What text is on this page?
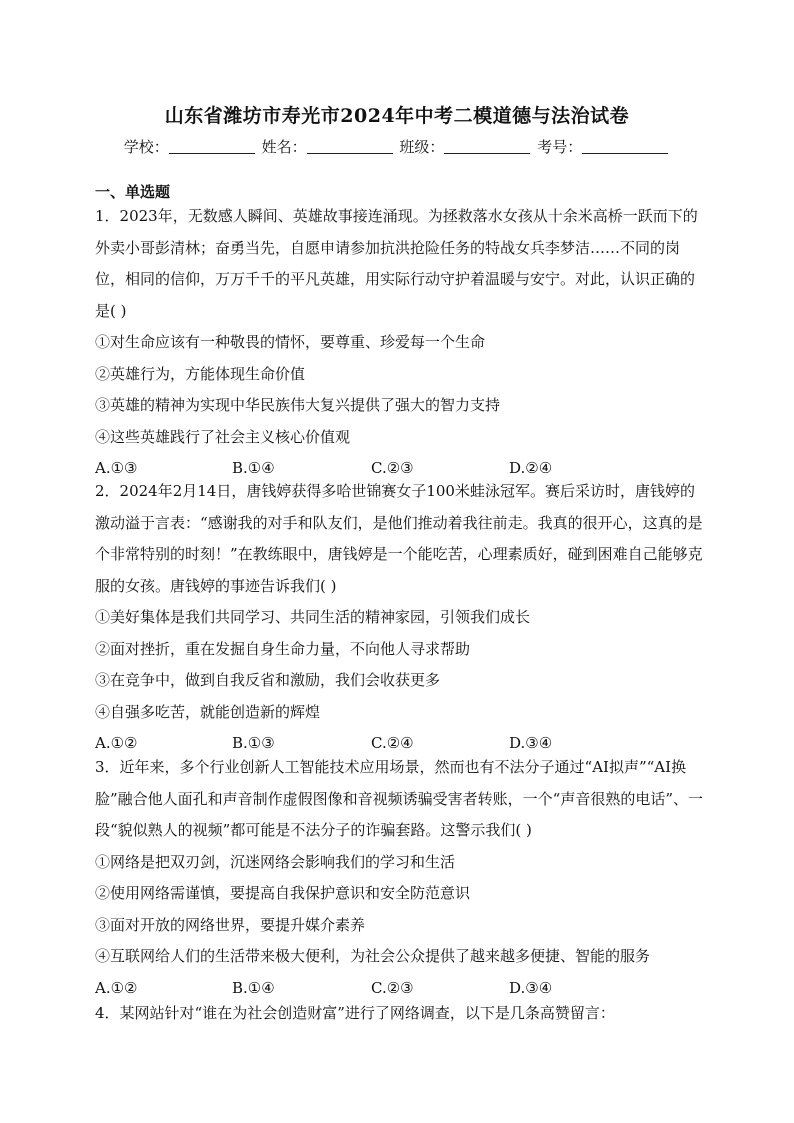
山东省潍坊市寿光市2024年中考二模道德与法治试卷
学校：	姓名：	班级：	考号：
一、单选题

1．2023年，无数感人瞬间、英雄故事接连涌现。为拯救落水女孩从十余米高桥一跃而下的外卖小哥彭清林；奋勇当先，自愿申请参加抗洪抢险任务的特战女兵李梦洁……不同的岗位，相同的信仰，万万千千的平凡英雄，用实际行动守护着温暖与安宁。对此，认识正确的是( )

①对生命应该有一种敬畏的情怀，要尊重、珍爱每一个生命

②英雄行为，方能体现生命价值

③英雄的精神为实现中华民族伟大复兴提供了强大的智力支持

④这些英雄践行了社会主义核心价值观

A.①③	B.①④	C.②③	D.②④

2．2024年2月14日，唐钱婷获得多哈世锦赛女子100米蛙泳冠军。赛后采访时，唐钱婷的激动溢于言表：“感谢我的对手和队友们，是他们推动着我往前走。我真的很开心，这真的是个非常特别的时刻！”在教练眼中，唐钱婷是一个能吃苦，心理素质好，碰到困难自己能够克服的女孩。唐钱婷的事迹告诉我们( )

①美好集体是我们共同学习、共同生活的精神家园，引领我们成长

②面对挫折，重在发掘自身生命力量，不向他人寻求帮助

③在竞争中，做到自我反省和激励，我们会收获更多

④自强多吃苦，就能创造新的辉煌

A.①②	B.①③	C.②④	D.③④

3．近年来，多个行业创新人工智能技术应用场景，然而也有不法分子通过“AI拟声”“AI换脸”融合他人面孔和声音制作虚假图像和音视频诱骗受害者转账，一个“声音很熟的电话”、一段“貌似熟人的视频”都可能是不法分子的诈骗套路。这警示我们( )

①网络是把双刃剑，沉迷网络会影响我们的学习和生活

②使用网络需谨慎，要提高自我保护意识和安全防范意识

③面对开放的网络世界，要提升媒介素养

④互联网给人们的生活带来极大便利，为社会公众提供了越来越多便捷、智能的服务

A.①②	B.①④	C.②③	D.③④

4．某网站针对“谁在为社会创造财富”进行了网络调查，以下是几条高赞留言：
